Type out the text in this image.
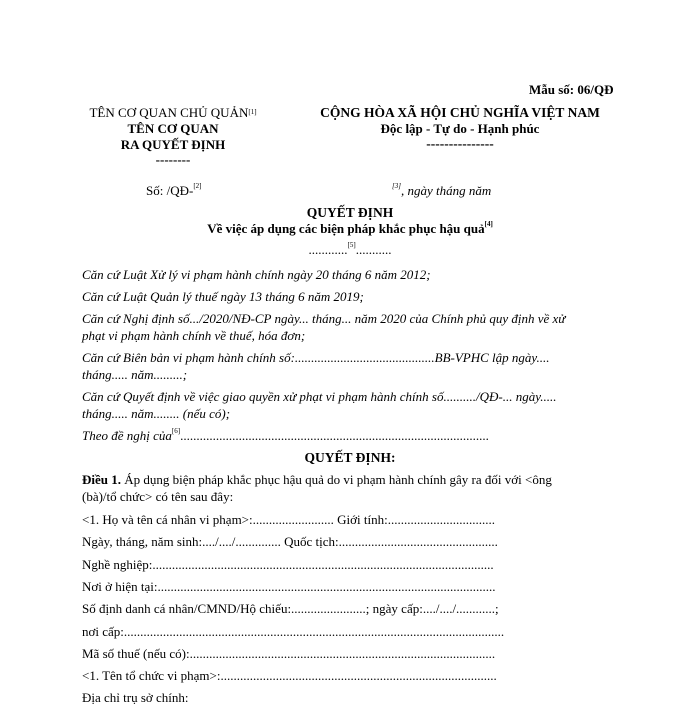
Mẫu số: 06/QĐ
TÊN CƠ QUAN CHỦ QUẢN[1]
TÊN CƠ QUAN
RA QUYẾT ĐỊNH
--------
CỘNG HÒA XÃ HỘI CHỦ NGHĨA VIỆT NAM
Độc lập - Tự do - Hạnh phúc
---------------
Số: /QĐ-[2]	[3], ngày tháng năm
QUYẾT ĐỊNH
Về việc áp dụng các biện pháp khắc phục hậu quả[4]
............[5]...........
Căn cứ Luật Xử lý vi phạm hành chính ngày 20 tháng 6 năm 2012;
Căn cứ Luật Quản lý thuế ngày 13 tháng 6 năm 2019;
Căn cứ Nghị định số.../2020/NĐ-CP ngày... tháng... năm 2020 của Chính phủ quy định về xử
phạt vi phạm hành chính về thuế, hóa đơn;
Căn cứ Biên bản vi phạm hành chính số:...........................................BB-VPHC lập ngày....
tháng..... năm.........;
Căn cứ Quyết định về việc giao quyền xử phạt vi phạm hành chính số........../QĐ-... ngày.....
tháng..... năm........ (nếu có);
Theo đề nghị của[6]...............................................................................................
QUYẾT ĐỊNH:
Điều 1. Áp dụng biện pháp khắc phục hậu quả do vi phạm hành chính gây ra đối với <ông
(bà)/tổ chức> có tên sau đây:
<1. Họ và tên cá nhân vi phạm>:......................... Giới tính:.................................
Ngày, tháng, năm sinh:..../..../.............. Quốc tịch:.................................................
Nghề nghiệp:.........................................................................................................
Nơi ở hiện tại:........................................................................................................
Số định danh cá nhân/CMND/Hộ chiếu:.......................; ngày cấp:..../..../............;
nơi cấp:.....................................................................................................................
Mã số thuế (nếu có):..............................................................................................
<1. Tên tổ chức vi phạm>:.....................................................................................
Địa chỉ trụ sở chính:
